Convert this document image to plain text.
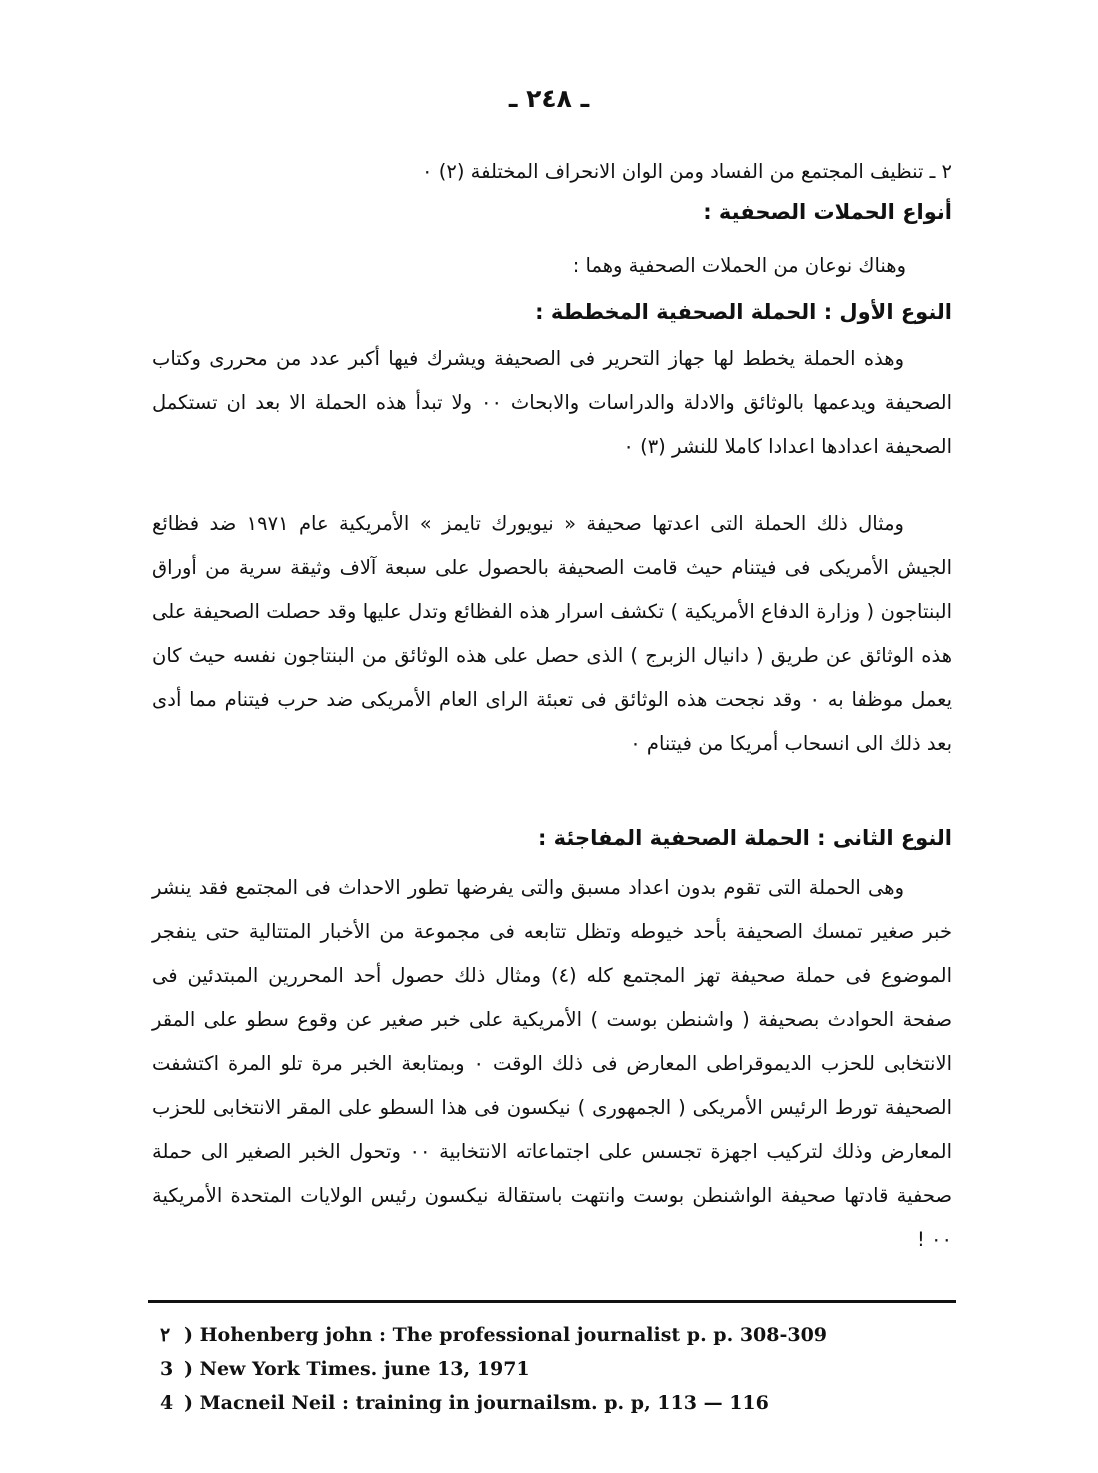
ـ ٢٤٨ ـ

٢ ـ تنظيف المجتمع من الفساد ومن الوان الانحراف المختلفة (٢) ٠

أنواع الحملات الصحفية :

وهناك نوعان من الحملات الصحفية وهما :

النوع الأول : الحملة الصحفية المخططة :

وهذه الحملة يخطط لها جهاز التحرير فى الصحيفة ويشرك فيها أكبر عدد من محررى وكتاب الصحيفة ويدعمها بالوثائق والادلة والدراسات والابحاث ٠٠ ولا تبدأ هذه الحملة الا بعد ان تستكمل الصحيفة اعدادها اعدادا كاملا للنشر (٣) ٠

ومثال ذلك الحملة التى اعدتها صحيفة « نيويورك تايمز » الأمريكية عام ١٩٧١ ضد فظائع الجيش الأمريكى فى فيتنام حيث قامت الصحيفة بالحصول على سبعة آلاف وثيقة سرية من أوراق البنتاجون ( وزارة الدفاع الأمريكية ) تكشف اسرار هذه الفظائع وتدل عليها وقد حصلت الصحيفة على هذه الوثائق عن طريق ( دانيال الزبرج ) الذى حصل على هذه الوثائق من البنتاجون نفسه حيث كان يعمل موظفا به ٠ وقد نجحت هذه الوثائق فى تعبئة الراى العام الأمريكى ضد حرب فيتنام مما أدى بعد ذلك الى انسحاب أمريكا من فيتنام ٠

النوع الثانى : الحملة الصحفية المفاجئة :

وهى الحملة التى تقوم بدون اعداد مسبق والتى يفرضها تطور الاحداث فى المجتمع فقد ينشر خبر صغير تمسك الصحيفة بأحد خيوطه وتظل تتابعه فى مجموعة من الأخبار المتتالية حتى ينفجر الموضوع فى حملة صحيفة تهز المجتمع كله (٤) ومثال ذلك حصول أحد المحررين المبتدئين فى صفحة الحوادث بصحيفة ( واشنطن بوست ) الأمريكية على خبر صغير عن وقوع سطو على المقر الانتخابى للحزب الديموقراطى المعارض فى ذلك الوقت ٠ وبمتابعة الخبر مرة تلو المرة اكتشفت الصحيفة تورط الرئيس الأمريكى ( الجمهورى ) نيكسون فى هذا السطو على المقر الانتخابى للحزب المعارض وذلك لتركيب اجهزة تجسس على اجتماعاته الانتخابية ٠٠ وتحول الخبر الصغير الى حملة صحفية قادتها صحيفة الواشنطن بوست وانتهت باستقالة نيكسون رئيس الولايات المتحدة الأمريكية ٠٠ !

٢ ) Hohenberg john : The professional journalist p. p. 308-309
3 ) New York Times. june 13, 1971
4 ) Macneil Neil : training in journailsm. p. p, 113 — 116
